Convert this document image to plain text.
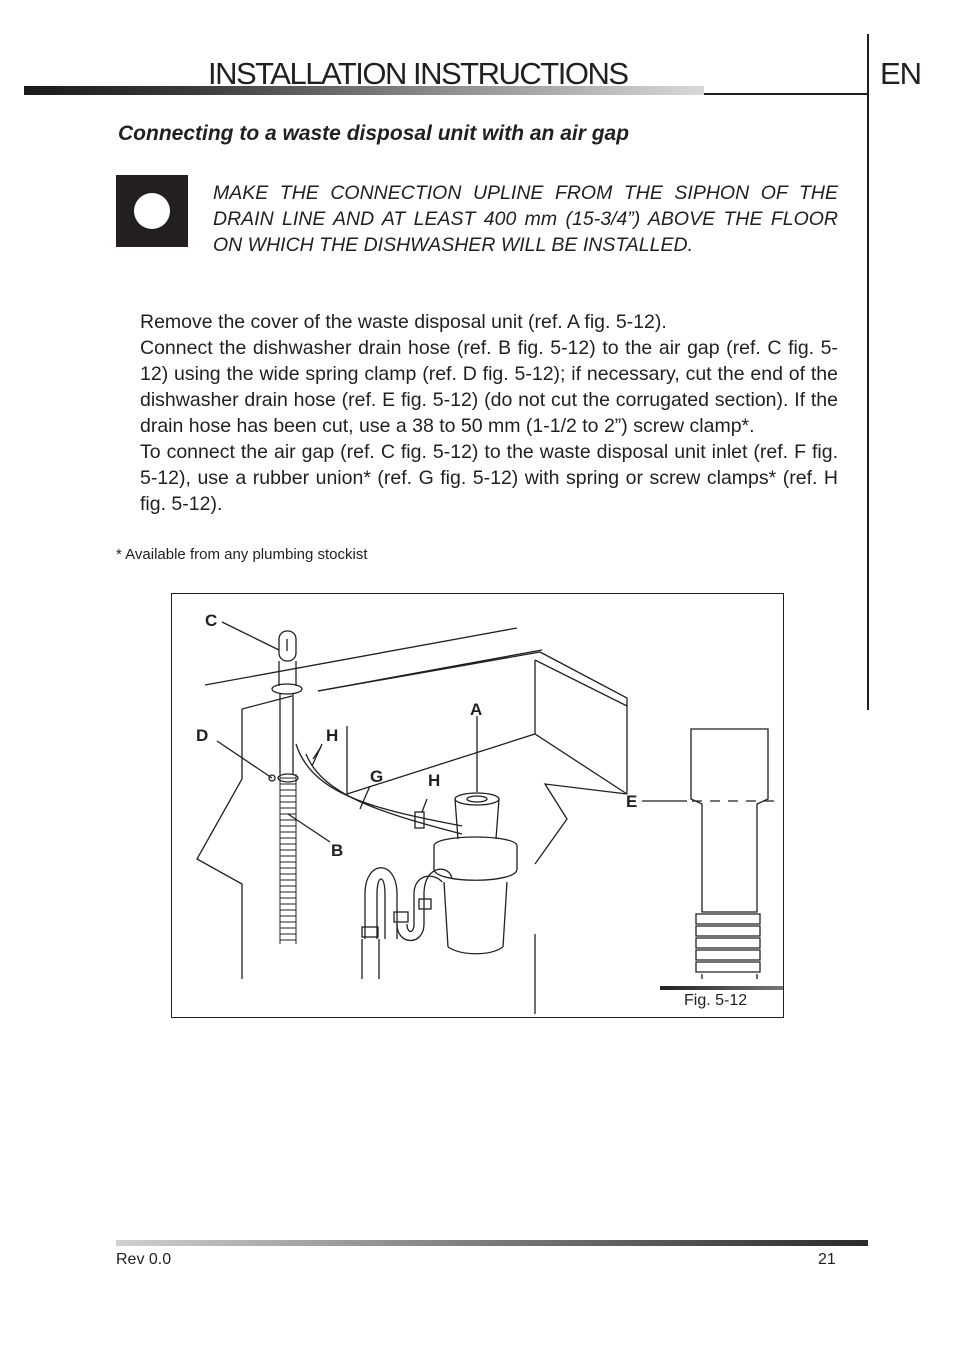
INSTALLATION INSTRUCTIONS	EN
Connecting to a waste disposal unit with an air gap

MAKE THE CONNECTION UPLINE FROM THE SIPHON OF THE DRAIN LINE AND AT LEAST 400 mm (15-3/4”) ABOVE THE FLOOR ON WHICH THE DISHWASHER WILL BE INSTALLED.

Remove the cover of the waste disposal unit (ref. A fig. 5-12).

Connect the dishwasher drain hose (ref. B fig. 5-12) to the air gap (ref. C fig. 5-12) using the wide spring clamp (ref. D fig. 5-12); if necessary, cut the end of the dishwasher drain hose (ref. E fig. 5-12) (do not cut the corrugated section). If the drain hose has been cut, use a 38 to 50 mm (1-1/2 to 2”) screw clamp*.

To connect the air gap (ref. C fig. 5-12) to the waste disposal unit inlet (ref. F fig. 5-12), use a rubber union* (ref. G fig. 5-12) with spring or screw clamps* (ref. H fig. 5-12).

* Available from any plumbing stockist
C
D	H
A
G	H
E
B
Fig. 5-12
Rev 0.0	21
